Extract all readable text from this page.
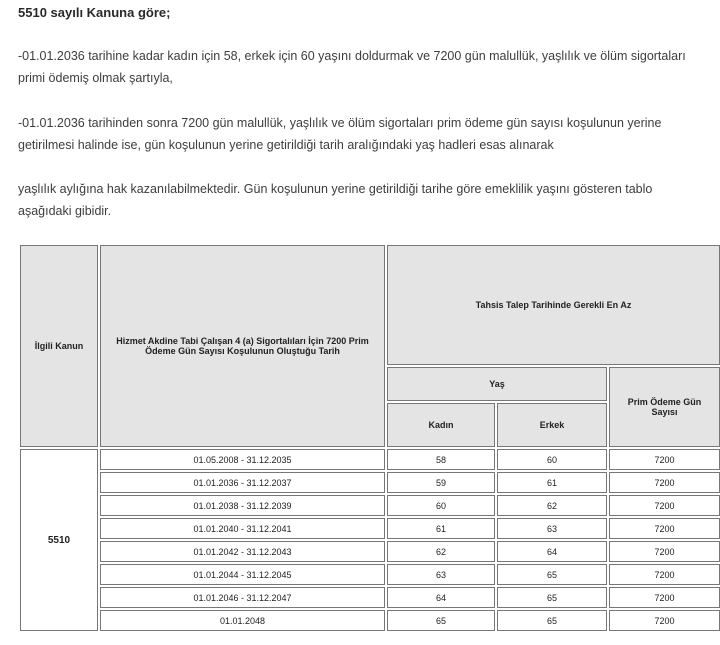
5510 sayılı Kanuna göre;

-01.01.2036 tarihine kadar kadın için 58, erkek için 60 yaşını doldurmak ve 7200 gün malullük, yaşlılık ve ölüm sigortaları primi ödemiş olmak şartıyla,

-01.01.2036 tarihinden sonra 7200 gün malullük, yaşlılık ve ölüm sigortaları prim ödeme gün sayısı koşulunun yerine getirilmesi halinde ise, gün koşulunun yerine getirildiği tarih aralığındaki yaş hadleri esas alınarak

yaşlılık aylığına hak kazanılabilmektedir. Gün koşulunun yerine getirildiği tarihe göre emeklilik yaşını gösteren tablo aşağıdaki gibidir.

İlgili Kanun	Hizmet Akdine Tabi Çalışan 4 (a) Sigortalıları İçin 7200 Prim Ödeme Gün Sayısı Koşulunun Oluştuğu Tarih	Tahsis Talep Tarihinde Gerekli En Az		
		Yaş		Prim Ödeme Gün Sayısı
		Kadın	Erkek	
5510	01.05.2008 - 31.12.2035	58	60	7200
	01.01.2036 - 31.12.2037	59	61	7200
	01.01.2038 - 31.12.2039	60	62	7200
	01.01.2040 - 31.12.2041	61	63	7200
	01.01.2042 - 31.12.2043	62	64	7200
	01.01.2044 - 31.12.2045	63	65	7200
	01.01.2046 - 31.12.2047	64	65	7200
	01.01.2048	65	65	7200
